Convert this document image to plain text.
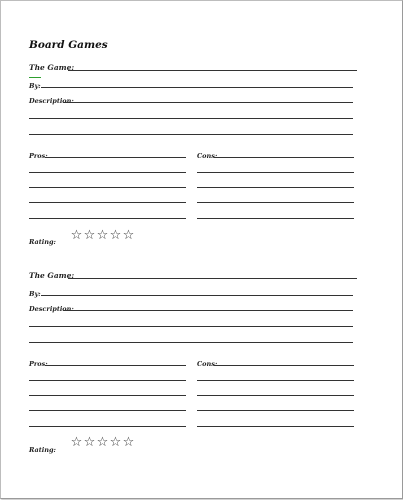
Board Games
The Game:
By:
Description:
Pros:	Cons:
Rating: ☆☆☆☆☆
The Game:
By:
Description:
Pros:	Cons:
Rating: ☆☆☆☆☆
